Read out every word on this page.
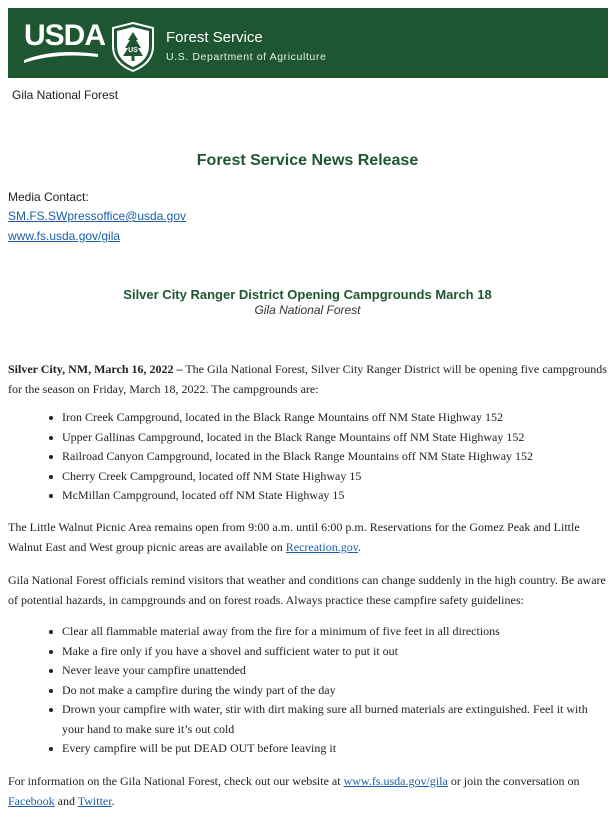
USDA	US
Forest Service
U.S. Department of Agriculture
Gila National Forest
Forest Service News Release
Media Contact:
SM.FS.SWpressoffice@usda.gov
www.fs.usda.gov/gila
Silver City Ranger District Opening Campgrounds March 18
Gila National Forest
Silver City, NM, March 16, 2022 – The Gila National Forest, Silver City Ranger District will be opening five campgrounds for the season on Friday, March 18, 2022. The campgrounds are:
Iron Creek Campground, located in the Black Range Mountains off NM State Highway 152
Upper Gallinas Campground, located in the Black Range Mountains off NM State Highway 152
Railroad Canyon Campground, located in the Black Range Mountains off NM State Highway 152
Cherry Creek Campground, located off NM State Highway 15
McMillan Campground, located off NM State Highway 15
The Little Walnut Picnic Area remains open from 9:00 a.m. until 6:00 p.m. Reservations for the Gomez Peak and Little Walnut East and West group picnic areas are available on Recreation.gov.
Gila National Forest officials remind visitors that weather and conditions can change suddenly in the high country. Be aware of potential hazards, in campgrounds and on forest roads. Always practice these campfire safety guidelines:
Clear all flammable material away from the fire for a minimum of five feet in all directions
Make a fire only if you have a shovel and sufficient water to put it out
Never leave your campfire unattended
Do not make a campfire during the windy part of the day
Drown your campfire with water, stir with dirt making sure all burned materials are extinguished. Feel it with your hand to make sure it’s out cold
Every campfire will be put DEAD OUT before leaving it
For information on the Gila National Forest, check out our website at www.fs.usda.gov/gila or join the conversation on Facebook and Twitter.
